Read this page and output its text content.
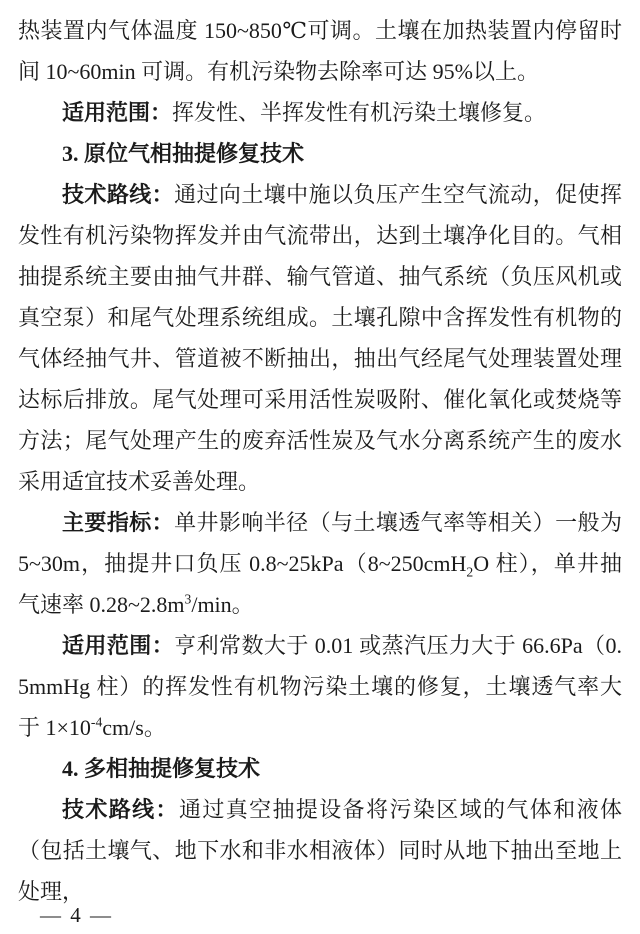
热装置内气体温度 150~850℃可调。土壤在加热装置内停留时间 10~60min 可调。有机污染物去除率可达 95%以上。

适用范围：挥发性、半挥发性有机污染土壤修复。

3. 原位气相抽提修复技术

技术路线：通过向土壤中施以负压产生空气流动，促使挥发性有机污染物挥发并由气流带出，达到土壤净化目的。气相抽提系统主要由抽气井群、输气管道、抽气系统（负压风机或真空泵）和尾气处理系统组成。土壤孔隙中含挥发性有机物的气体经抽气井、管道被不断抽出，抽出气经尾气处理装置处理达标后排放。尾气处理可采用活性炭吸附、催化氧化或焚烧等方法；尾气处理产生的废弃活性炭及气水分离系统产生的废水采用适宜技术妥善处理。

主要指标：单井影响半径（与土壤透气率等相关）一般为 5~30m，抽提井口负压 0.8~25kPa（8~250cmH$_2$O 柱），单井抽气速率 $0.28\sim 2.8m^3/\min$。

适用范围：亨利常数大于 0.01 或蒸汽压力大于 66.6Pa（0.5mmHg 柱）的挥发性有机物污染土壤的修复，土壤透气率大于 $1\times 10^{-4}cm/s$。

4. 多相抽提修复技术

技术路线：通过真空抽提设备将污染区域的气体和液体（包括土壤气、地下水和非水相液体）同时从地下抽出至地上处理，

— 4 —
